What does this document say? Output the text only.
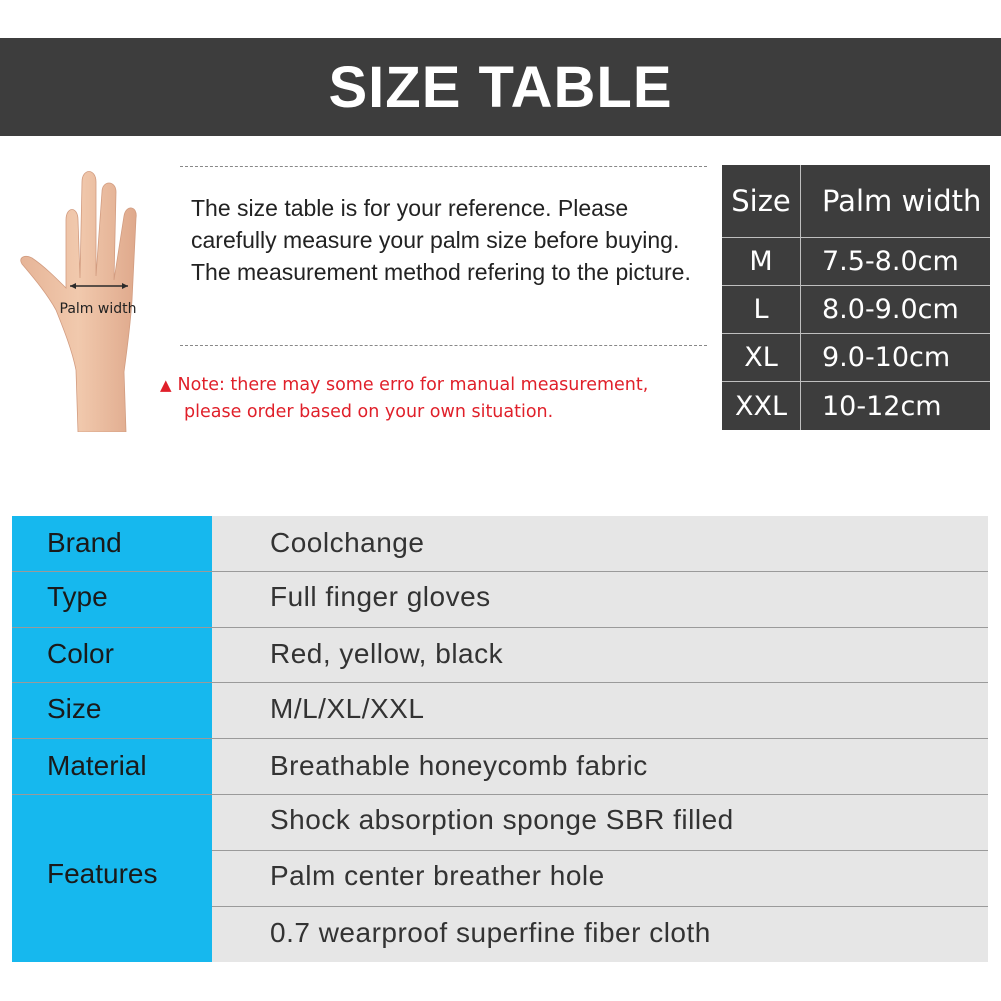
SIZE TABLE
Palm width
The size table is for your reference. Please carefully measure your palm size before buying. The measurement method refering to the picture.
▲ Note: there may some erro for manual measurement,
please order based on your own situation.
Size	Palm width
M	7.5-8.0cm
L	8.0-9.0cm
XL	9.0-10cm
XXL	10-12cm
Brand	Coolchange
Type	Full finger gloves
Color	Red, yellow, black
Size	M/L/XL/XXL
Material	Breathable honeycomb fabric
Features
Shock absorption sponge SBR filled
Palm center breather hole
0.7 wearproof superfine fiber cloth
